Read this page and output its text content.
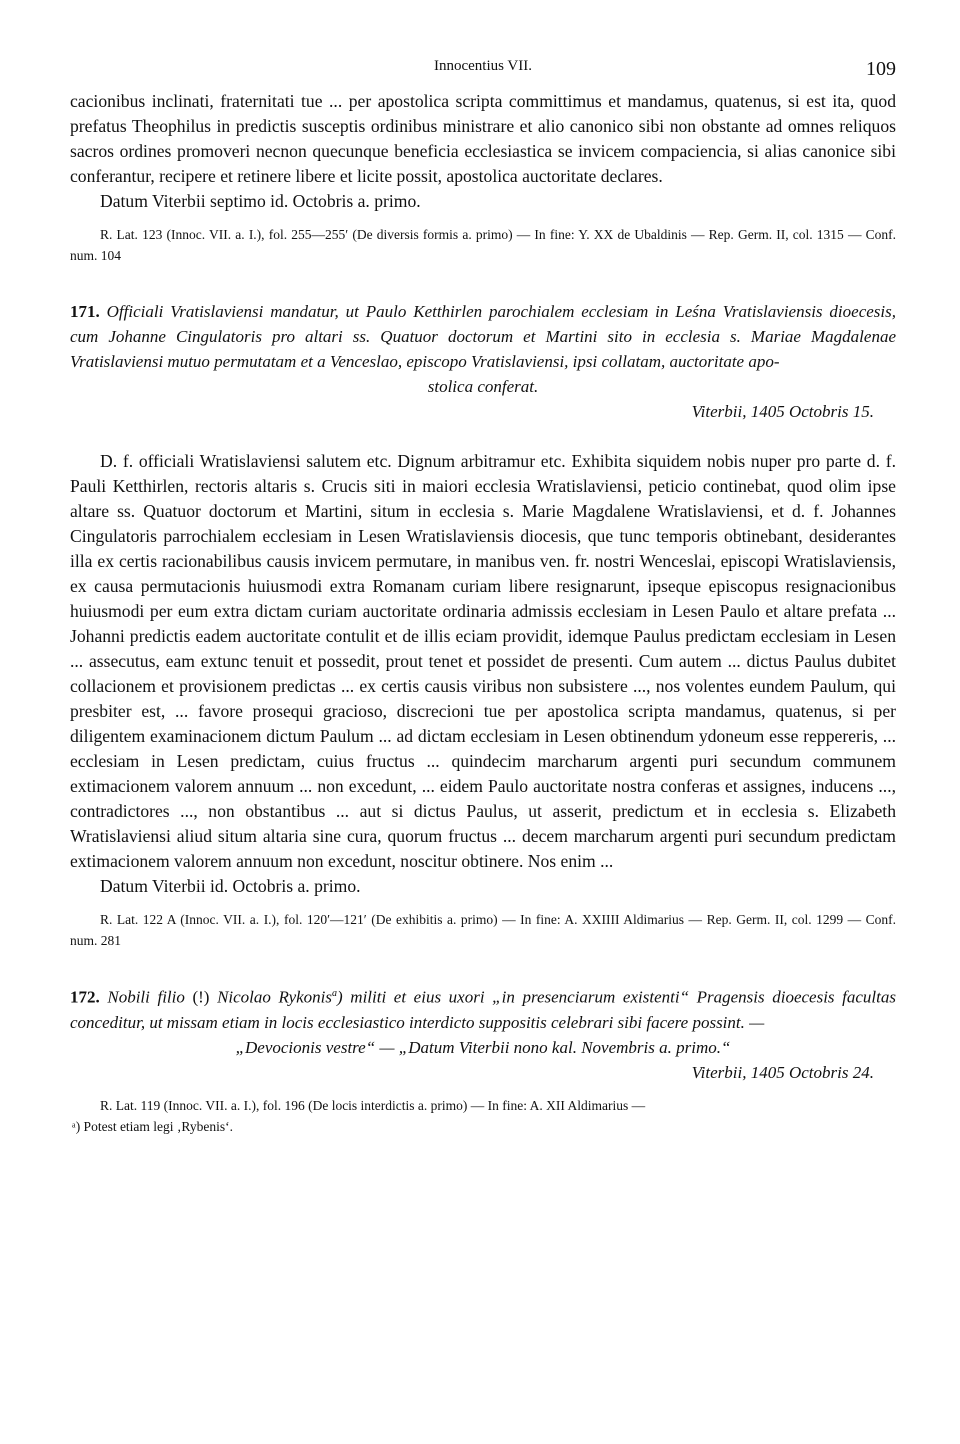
Innocentius VII.	109

cacionibus inclinati, fraternitati tue ... per apostolica scripta committimus et mandamus, quatenus, si est ita, quod prefatus Theophilus in predictis susceptis ordinibus ministrare et alio canonico sibi non obstante ad omnes reliquos sacros ordines promoveri necnon quecunque beneficia ecclesiastica se invicem compaciencia, si alias canonice sibi conferantur, recipere et retinere libere et licite possit, apostolica auctoritate declares.

Datum Viterbii septimo id. Octobris a. primo.

R. Lat. 123 (Innoc. VII. a. I.), fol. 255—255′ (De diversis formis a. primo) — In fine: Y. XX de Ubaldinis — Rep. Germ. II, col. 1315 — Conf. num. 104

171. Officiali Vratislaviensi mandatur, ut Paulo Ketthirlen parochialem ecclesiam in Leśna Vratislaviensis dioecesis, cum Johanne Cingulatoris pro altari ss. Quatuor doctorum et Martini sito in ecclesia s. Mariae Magdalenae Vratislaviensi mutuo permutatam et a Venceslao, episcopo Vratislaviensi, ipsi collatam, auctoritate apo-

stolica conferat.

Viterbii, 1405 Octobris 15.

D. f. officiali Wratislaviensi salutem etc. Dignum arbitramur etc. Exhibita siquidem nobis nuper pro parte d. f. Pauli Ketthirlen, rectoris altaris s. Crucis siti in maiori ecclesia Wratislaviensi, peticio continebat, quod olim ipse altare ss. Quatuor doctorum et Martini, situm in ecclesia s. Marie Magdalene Wratislaviensi, et d. f. Johannes Cingulatoris parrochialem ecclesiam in Lesen Wratislaviensis diocesis, que tunc temporis obtinebant, desiderantes illa ex certis racionabilibus causis invicem permutare, in manibus ven. fr. nostri Wenceslai, episcopi Wratislaviensis, ex causa permutacionis huiusmodi extra Romanam curiam libere resignarunt, ipseque episcopus resignacionibus huiusmodi per eum extra dictam curiam auctoritate ordinaria admissis ecclesiam in Lesen Paulo et altare prefata ... Johanni predictis eadem auctoritate contulit et de illis eciam providit, idemque Paulus predictam ecclesiam in Lesen ... assecutus, eam extunc tenuit et possedit, prout tenet et possidet de presenti. Cum autem ... dictus Paulus dubitet collacionem et provisionem predictas ... ex certis causis viribus non subsistere ..., nos volentes eundem Paulum, qui presbiter est, ... favore prosequi gracioso, discrecioni tue per apostolica scripta mandamus, quatenus, si per diligentem examinacionem dictum Paulum ... ad dictam ecclesiam in Lesen obtinendum ydoneum esse reppereris, ... ecclesiam in Lesen predictam, cuius fructus ... quindecim marcharum argenti puri secundum communem extimacionem valorem annuum ... non excedunt, ... eidem Paulo auctoritate nostra conferas et assignes, inducens ..., contradictores ..., non obstantibus ... aut si dictus Paulus, ut asserit, predictum et in ecclesia s. Elizabeth Wratislaviensi aliud situm altaria sine cura, quorum fructus ... decem marcharum argenti puri secundum predictam extimacionem valorem annuum non excedunt, noscitur obtinere. Nos enim ...

Datum Viterbii id. Octobris a. primo.

R. Lat. 122 A (Innoc. VII. a. I.), fol. 120′—121′ (De exhibitis a. primo) — In fine: A. XXIIII Aldimarius — Rep. Germ. II, col. 1299 — Conf. num. 281

172. Nobili filio (!) Nicolao Rykonis$^a$) militi et eius uxori „in presenciarum existenti“ Pragensis dioecesis facultas conceditur, ut missam etiam in locis ecclesiastico interdicto suppositis celebrari sibi facere possint. —

„Devocionis vestre“ — „Datum Viterbii nono kal. Novembris a. primo.“

Viterbii, 1405 Octobris 24.

R. Lat. 119 (Innoc. VII. a. I.), fol. 196 (De locis interdictis a. primo) — In fine: A. XII Aldimarius —

ᵃ) Potest etiam legi ‚Rybenis‘.
